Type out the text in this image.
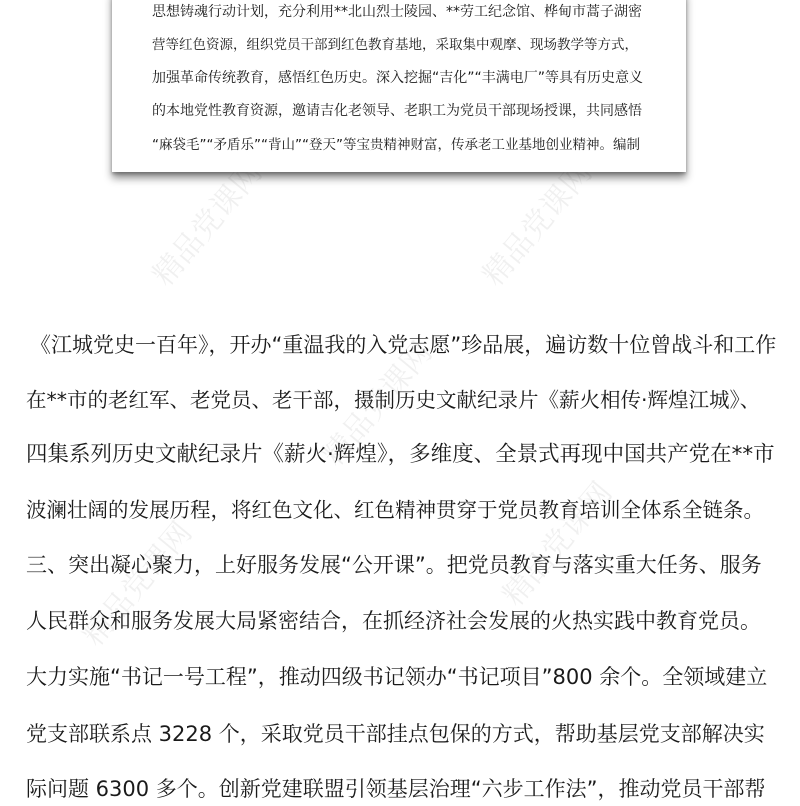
精品党课网	精品党课网
精品党课网
精品党课网	精品党课网
思想铸魂行动计划，充分利用**北山烈士陵园、**劳工纪念馆、桦甸市蒿子湖密
营等红色资源，组织党员干部到红色教育基地，采取集中观摩、现场教学等方式，
加强革命传统教育，感悟红色历史。深入挖掘“吉化”“丰满电厂”等具有历史意义
的本地党性教育资源，邀请吉化老领导、老职工为党员干部现场授课，共同感悟
“麻袋毛”“矛盾乐”“背山”“登天”等宝贵精神财富，传承老工业基地创业精神。编制
《江城党史一百年》，开办“重温我的入党志愿”珍品展，遍访数十位曾战斗和工作
在**市的老红军、老党员、老干部，摄制历史文献纪录片《薪火相传·辉煌江城》、
四集系列历史文献纪录片《薪火·辉煌》，多维度、全景式再现中国共产党在**市
波澜壮阔的发展历程，将红色文化、红色精神贯穿于党员教育培训全体系全链条。
三、突出凝心聚力，上好服务发展“公开课”。把党员教育与落实重大任务、服务
人民群众和服务发展大局紧密结合，在抓经济社会发展的火热实践中教育党员。
大力实施“书记一号工程”，推动四级书记领办“书记项目”800 余个。全领域建立
党支部联系点 3228 个，采取党员干部挂点包保的方式，帮助基层党支部解决实
际问题 6300 多个。创新党建联盟引领基层治理“六步工作法”，推动党员干部帮
